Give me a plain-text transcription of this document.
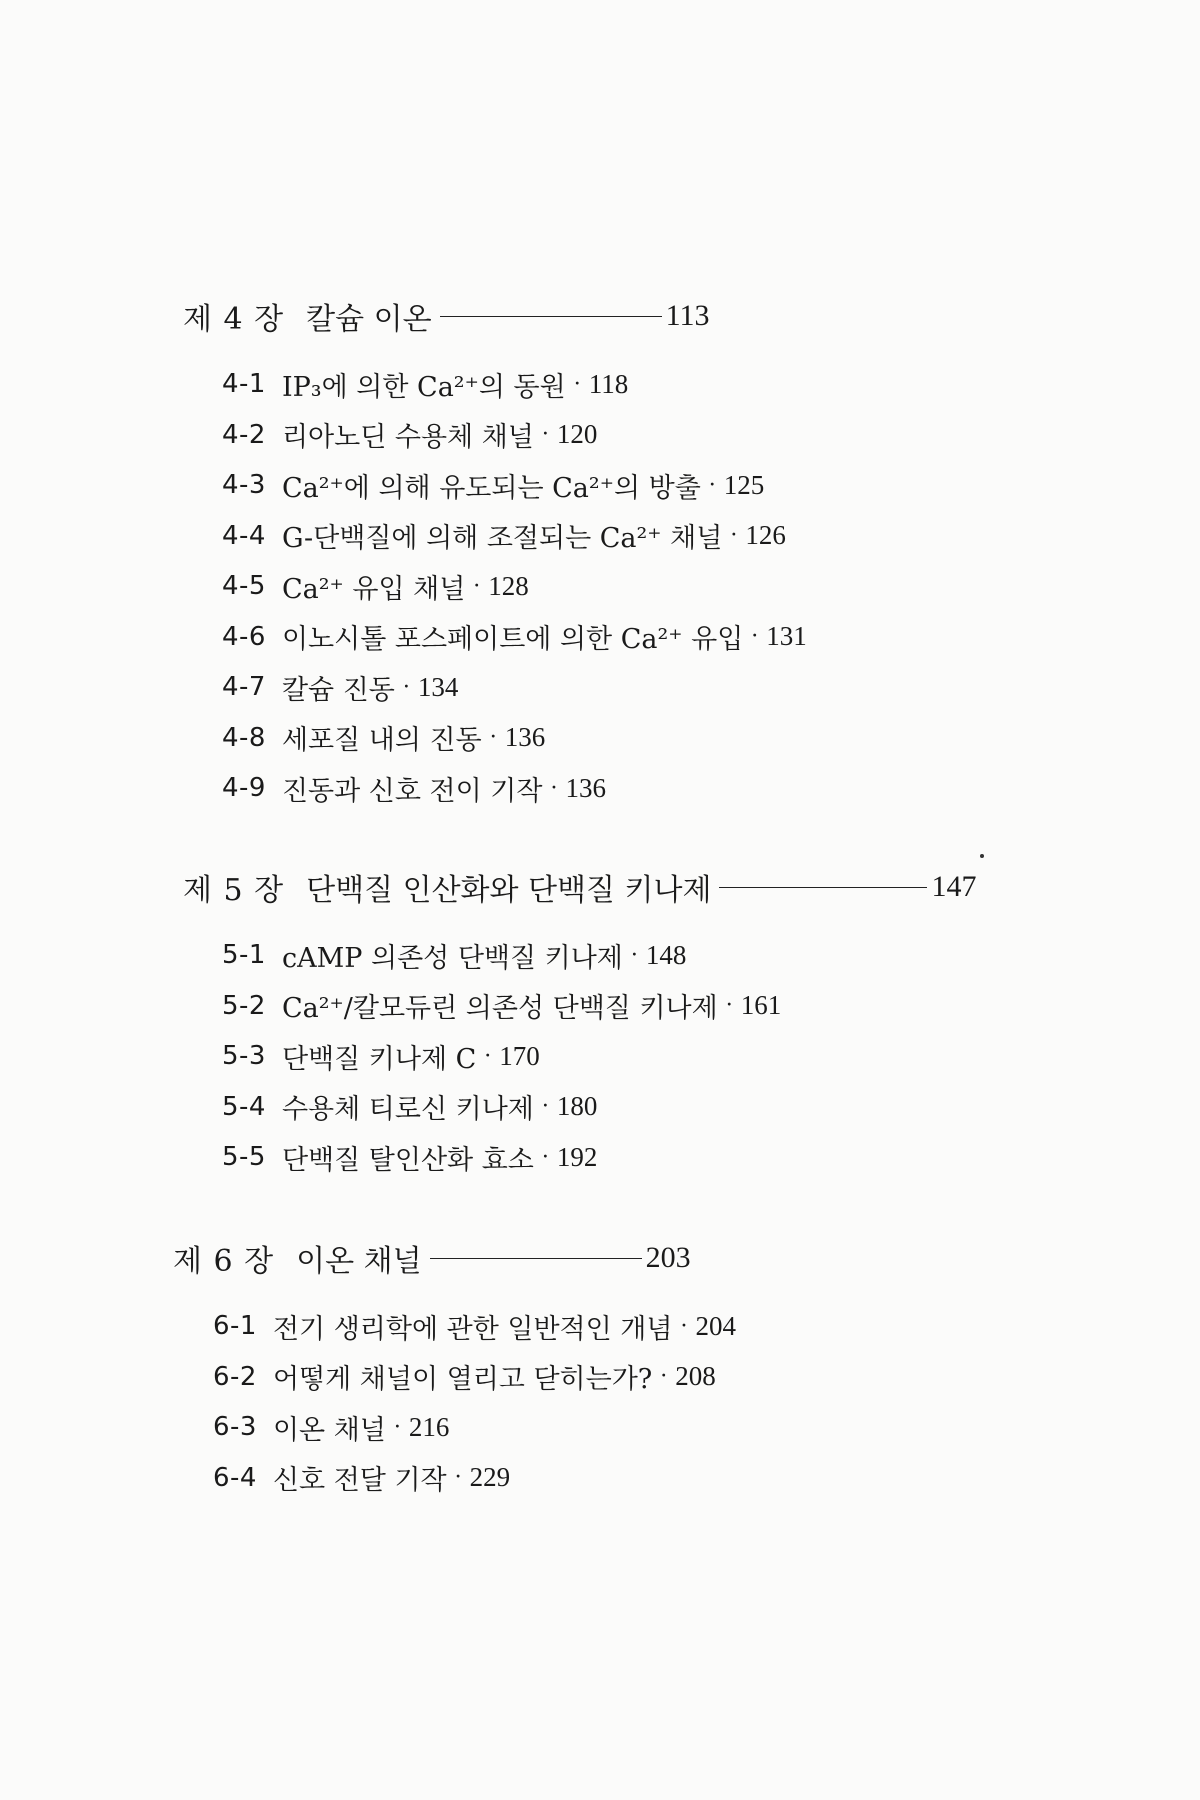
제 4 장 칼슘 이온	113
4-1 IP₃에 의한 Ca²⁺의 동원 · 118
4-2 리아노딘 수용체 채널 · 120
4-3 Ca²⁺에 의해 유도되는 Ca²⁺의 방출 · 125
4-4 G-단백질에 의해 조절되는 Ca²⁺ 채널 · 126
4-5 Ca²⁺ 유입 채널 · 128
4-6 이노시톨 포스페이트에 의한 Ca²⁺ 유입 · 131
4-7 칼슘 진동 · 134
4-8 세포질 내의 진동 · 136
4-9 진동과 신호 전이 기작 · 136
제 5 장 단백질 인산화와 단백질 키나제	147
5-1 cAMP 의존성 단백질 키나제 · 148
5-2 Ca²⁺/칼모듀린 의존성 단백질 키나제 · 161
5-3 단백질 키나제 C · 170
5-4 수용체 티로신 키나제 · 180
5-5 단백질 탈인산화 효소 · 192
제 6 장 이온 채널	203
6-1 전기 생리학에 관한 일반적인 개념 · 204
6-2 어떻게 채널이 열리고 닫히는가? · 208
6-3 이온 채널 · 216
6-4 신호 전달 기작 · 229
